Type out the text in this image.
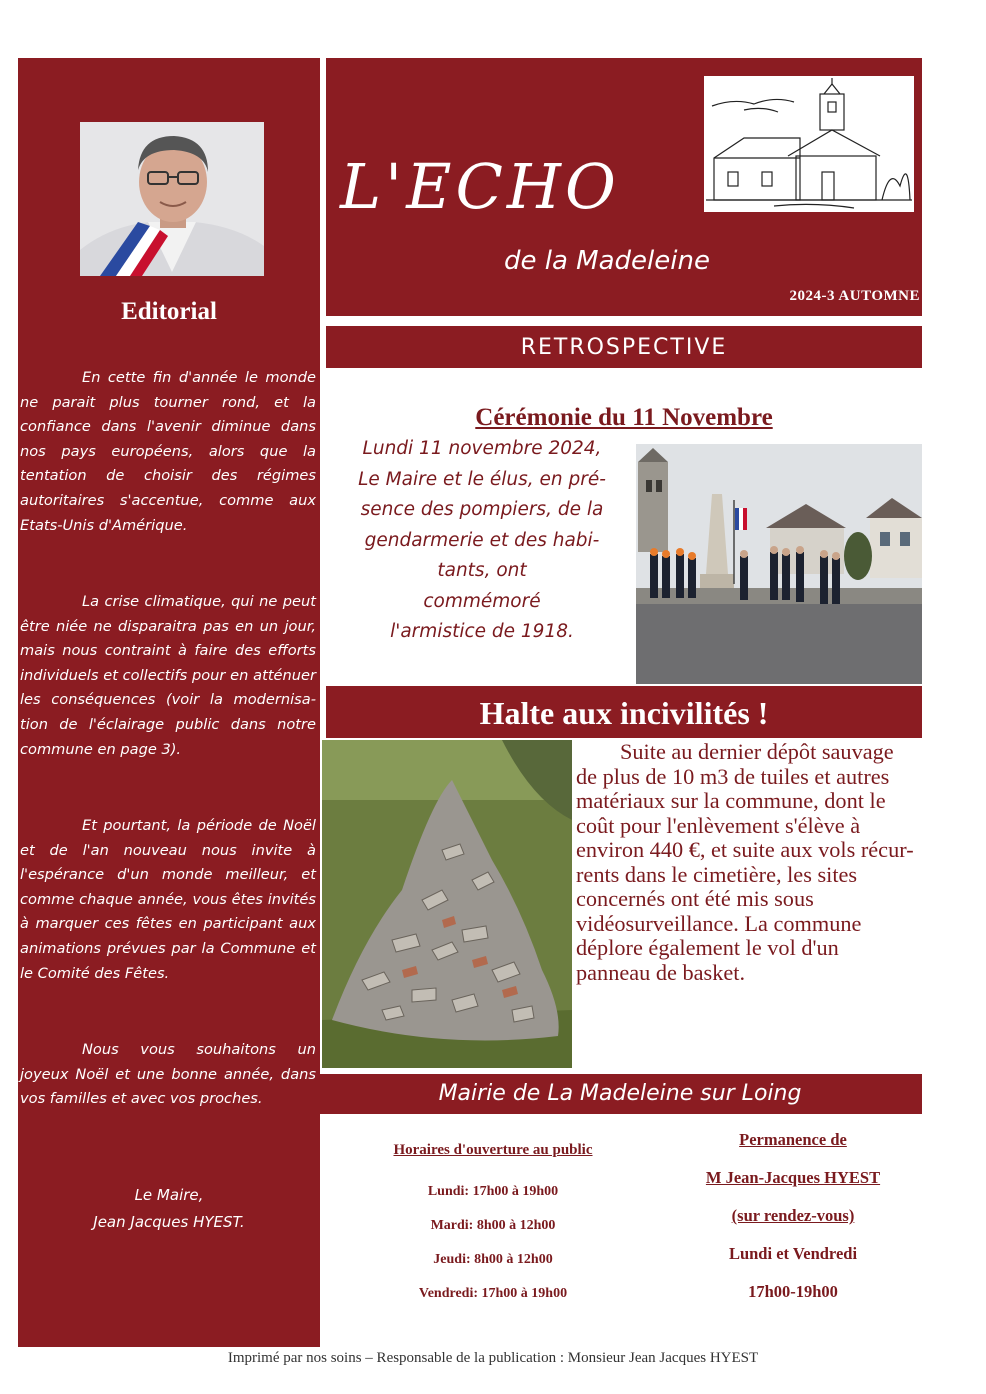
Editorial

En cette fin d'année le monde ne parait plus tourner rond, et la confiance dans l'avenir diminue dans nos pays européens, alors que la tentation de choisir des régimes autoritaires s'accentue, comme aux Etats-Unis d'Amérique.

La crise climatique, qui ne peut être niée ne disparaitra pas en un jour, mais nous contraint à faire des efforts individuels et collectifs pour en atténuer les conséquences (voir la modernisa-tion de l'éclairage public dans notre commune en page 3).

Et pourtant, la période de Noël et de l'an nouveau nous invite à l'espérance d'un monde meilleur, et comme chaque année, vous êtes invités à marquer ces fêtes en participant aux animations prévues par la Commune et le Comité des Fêtes.

Nous vous souhaitons un joyeux Noël et une bonne année, dans vos familles et avec vos proches.

Le Maire,
Jean Jacques HYEST.
L'ECHO
de la Madeleine
2024-3 AUTOMNE
RETROSPECTIVE
Cérémonie du 11 Novembre
Lundi 11 novembre 2024,
Le Maire et le élus, en pré-
sence des pompiers, de la
gendarmerie et des habi-
tants, ont
commémoré
l'armistice de 1918.
Halte aux incivilités !

Suite au dernier dépôt sauvage de plus de 10 m3 de tuiles et autres matériaux sur la commune, dont le coût pour l'enlèvement s'élève à environ 440 €, et suite aux vols récur-rents dans le cimetière, les sites concernés ont été mis sous vidéosurveillance. La commune déplore également le vol d'un panneau de basket.

Mairie de La Madeleine sur Loing
Horaires d'ouverture au public
Lundi: 17h00 à 19h00
Mardi: 8h00 à 12h00
Jeudi: 8h00 à 12h00
Vendredi: 17h00 à 19h00
Permanence de
M Jean-Jacques HYEST
(sur rendez-vous)
Lundi et Vendredi
17h00-19h00
Imprimé par nos soins – Responsable de la publication : Monsieur Jean Jacques HYEST
